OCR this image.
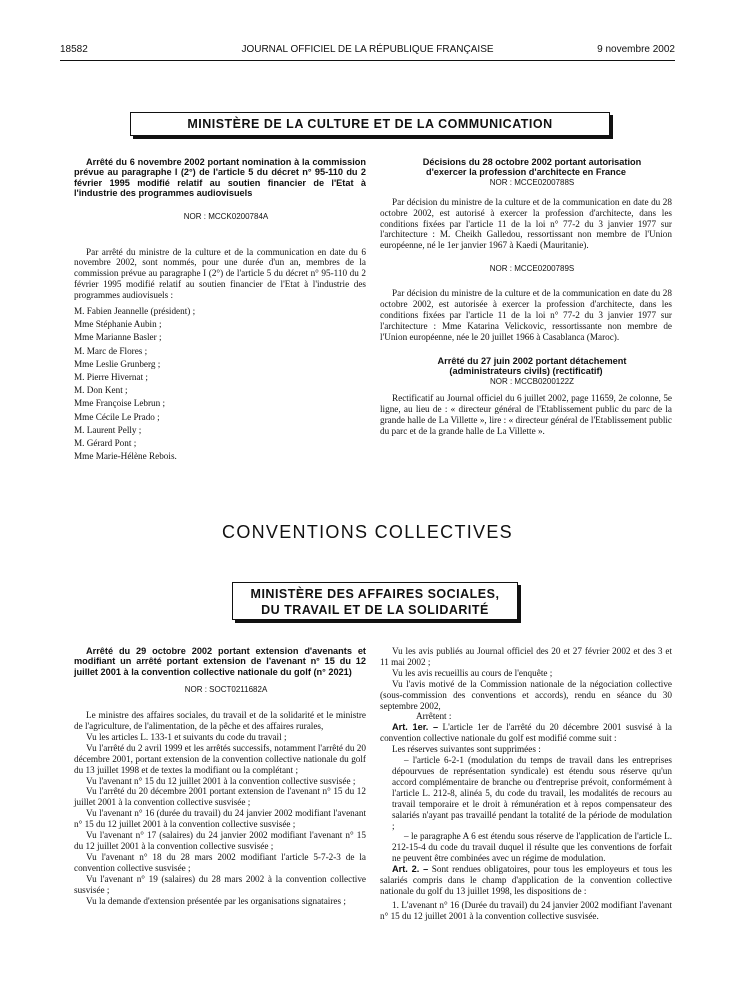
18582	JOURNAL OFFICIEL DE LA RÉPUBLIQUE FRANÇAISE	9 novembre 2002
MINISTÈRE DE LA CULTURE ET DE LA COMMUNICATION

Arrêté du 6 novembre 2002 portant nomination à la commission prévue au paragraphe I (2°) de l'article 5 du décret n° 95-110 du 2 février 1995 modifié relatif au soutien financier de l'Etat à l'industrie des programmes audiovisuels

NOR : MCCK0200784A

Par arrêté du ministre de la culture et de la communication en date du 6 novembre 2002, sont nommés, pour une durée d'un an, membres de la commission prévue au paragraphe I (2°) de l'article 5 du décret n° 95-110 du 2 février 1995 modifié relatif au soutien financier de l'Etat à l'industrie des programmes audiovisuels :

M. Fabien Jeannelle (président) ;
Mme Stéphanie Aubin ;
Mme Marianne Basler ;
M. Marc de Flores ;
Mme Leslie Grunberg ;
M. Pierre Hivernat ;
M. Don Kent ;
Mme Françoise Lebrun ;
Mme Cécile Le Prado ;
M. Laurent Pelly ;
M. Gérard Pont ;
Mme Marie-Hélène Rebois.

Décisions du 28 octobre 2002 portant autorisation d'exercer la profession d'architecte en France

NOR : MCCE0200788S

Par décision du ministre de la culture et de la communication en date du 28 octobre 2002, est autorisé à exercer la profession d'architecte, dans les conditions fixées par l'article 11 de la loi n° 77-2 du 3 janvier 1977 sur l'architecture : M. Cheikh Galledou, ressortissant non membre de l'Union européenne, né le 1er janvier 1967 à Kaedi (Mauritanie).

NOR : MCCE0200789S

Par décision du ministre de la culture et de la communication en date du 28 octobre 2002, est autorisée à exercer la profession d'architecte, dans les conditions fixées par l'article 11 de la loi n° 77-2 du 3 janvier 1977 sur l'architecture : Mme Katarina Velickovic, ressortissante non membre de l'Union européenne, née le 20 juillet 1966 à Casablanca (Maroc).

Arrêté du 27 juin 2002 portant détachement (administrateurs civils) (rectificatif)

NOR : MCCB0200122Z

Rectificatif au Journal officiel du 6 juillet 2002, page 11659, 2e colonne, 5e ligne, au lieu de : « directeur général de l'Etablissement public du parc de la grande halle de La Villette », lire : « directeur général de l'Etablissement public du parc et de la grande halle de La Villette ».

CONVENTIONS COLLECTIVES
MINISTÈRE DES AFFAIRES SOCIALES,
DU TRAVAIL ET DE LA SOLIDARITÉ

Arrêté du 29 octobre 2002 portant extension d'avenants et modifiant un arrêté portant extension de l'avenant n° 15 du 12 juillet 2001 à la convention collective nationale du golf (n° 2021)

NOR : SOCT0211682A

Le ministre des affaires sociales, du travail et de la solidarité et le ministre de l'agriculture, de l'alimentation, de la pêche et des affaires rurales,

Vu les articles L. 133-1 et suivants du code du travail ;

Vu l'arrêté du 2 avril 1999 et les arrêtés successifs, notamment l'arrêté du 20 décembre 2001, portant extension de la convention collective nationale du golf du 13 juillet 1998 et de textes la modifiant ou la complétant ;

Vu l'avenant n° 15 du 12 juillet 2001 à la convention collective susvisée ;

Vu l'arrêté du 20 décembre 2001 portant extension de l'avenant n° 15 du 12 juillet 2001 à la convention collective susvisée ;

Vu l'avenant n° 16 (durée du travail) du 24 janvier 2002 modifiant l'avenant n° 15 du 12 juillet 2001 à la convention collective susvisée ;

Vu l'avenant n° 17 (salaires) du 24 janvier 2002 modifiant l'avenant n° 15 du 12 juillet 2001 à la convention collective susvisée ;

Vu l'avenant n° 18 du 28 mars 2002 modifiant l'article 5-7-2-3 de la convention collective susvisée ;

Vu l'avenant n° 19 (salaires) du 28 mars 2002 à la convention collective susvisée ;

Vu la demande d'extension présentée par les organisations signataires ;

Vu les avis publiés au Journal officiel des 20 et 27 février 2002 et des 3 et 11 mai 2002 ;

Vu les avis recueillis au cours de l'enquête ;

Vu l'avis motivé de la Commission nationale de la négociation collective (sous-commission des conventions et accords), rendu en séance du 30 septembre 2002,

Arrêtent :

Art. 1er. – L'article 1er de l'arrêté du 20 décembre 2001 susvisé à la convention collective nationale du golf est modifié comme suit :

Les réserves suivantes sont supprimées :

– l'article 6-2-1 (modulation du temps de travail dans les entreprises dépourvues de représentation syndicale) est étendu sous réserve qu'un accord complémentaire de branche ou d'entreprise prévoit, conformément à l'article L. 212-8, alinéa 5, du code du travail, les modalités de recours au travail temporaire et le droit à rémunération et à repos compensateur des salariés n'ayant pas travaillé pendant la totalité de la période de modulation ;

– le paragraphe A 6 est étendu sous réserve de l'application de l'article L. 212-15-4 du code du travail duquel il résulte que les conventions de forfait ne peuvent être combinées avec un régime de modulation.

Art. 2. – Sont rendues obligatoires, pour tous les employeurs et tous les salariés compris dans le champ d'application de la convention collective nationale du golf du 13 juillet 1998, les dispositions de :

1. L'avenant n° 16 (Durée du travail) du 24 janvier 2002 modifiant l'avenant n° 15 du 12 juillet 2001 à la convention collective susvisée.
